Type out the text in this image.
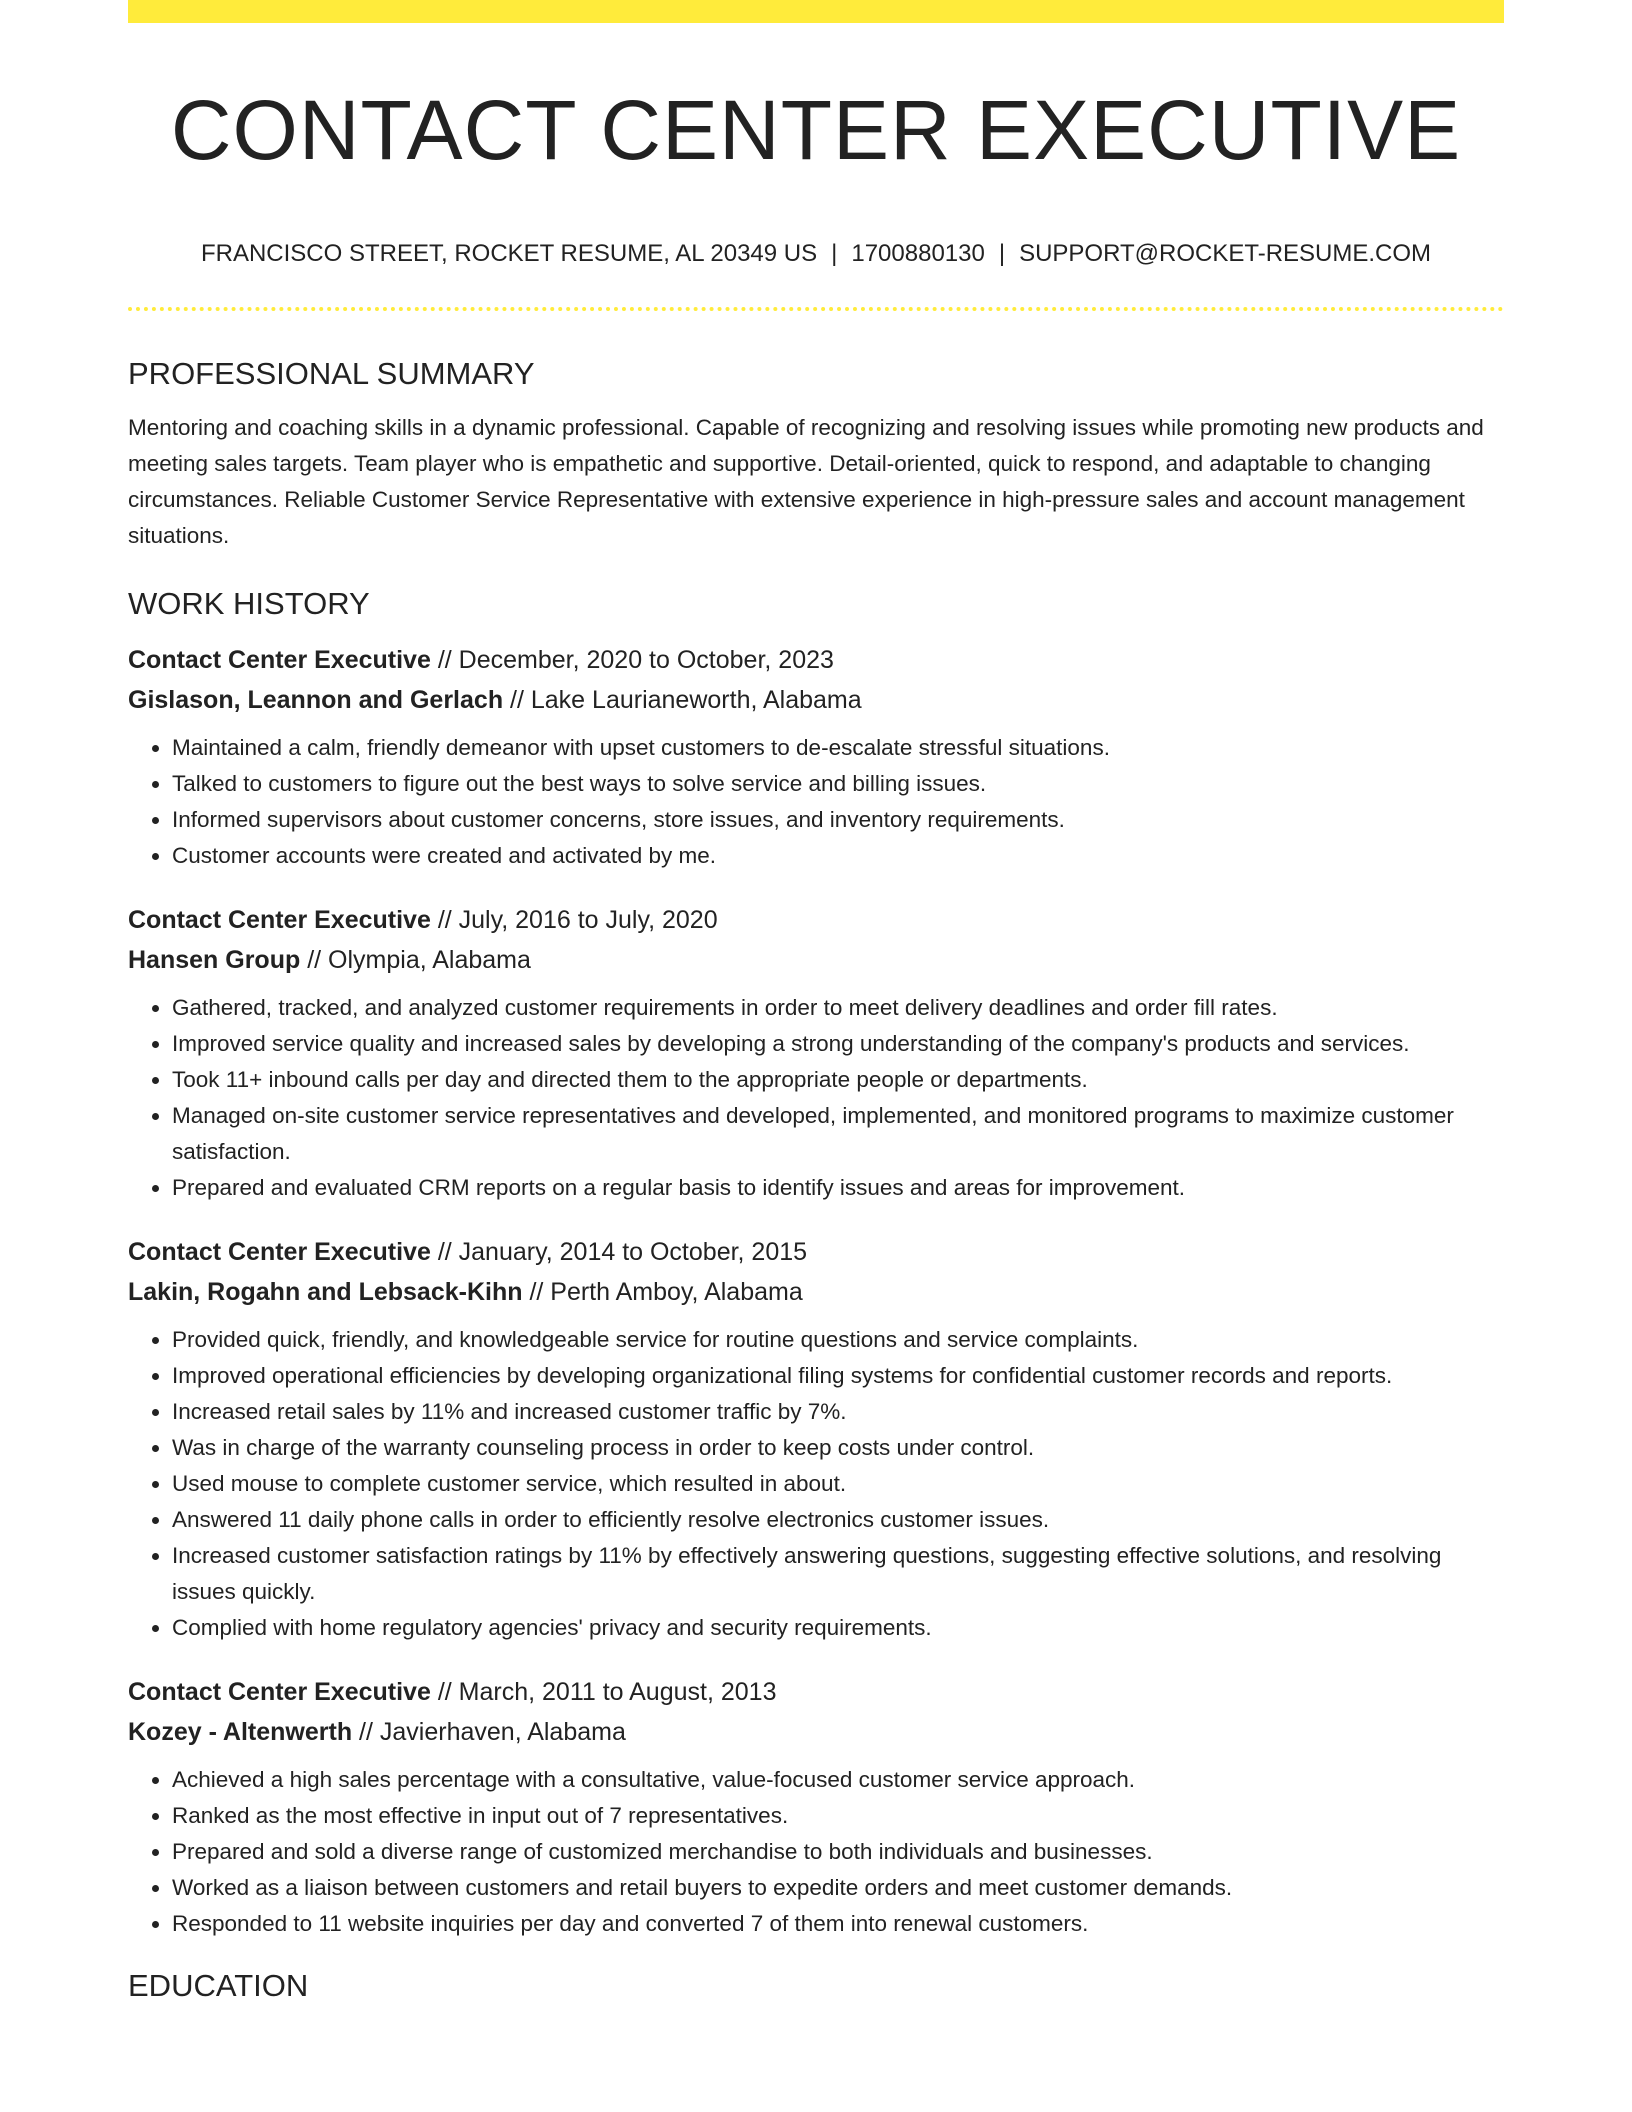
CONTACT CENTER EXECUTIVE
FRANCISCO STREET, ROCKET RESUME, AL 20349 US | 1700880130 | SUPPORT@ROCKET-RESUME.COM
PROFESSIONAL SUMMARY

Mentoring and coaching skills in a dynamic professional. Capable of recognizing and resolving issues while promoting new products and meeting sales targets. Team player who is empathetic and supportive. Detail-oriented, quick to respond, and adaptable to changing circumstances. Reliable Customer Service Representative with extensive experience in high-pressure sales and account management situations.

WORK HISTORY
Contact Center Executive // December, 2020 to October, 2023
Gislason, Leannon and Gerlach // Lake Laurianeworth, Alabama
• Maintained a calm, friendly demeanor with upset customers to de-escalate stressful situations.
• Talked to customers to figure out the best ways to solve service and billing issues.
• Informed supervisors about customer concerns, store issues, and inventory requirements.
• Customer accounts were created and activated by me.
Contact Center Executive // July, 2016 to July, 2020
Hansen Group // Olympia, Alabama
• Gathered, tracked, and analyzed customer requirements in order to meet delivery deadlines and order fill rates.
• Improved service quality and increased sales by developing a strong understanding of the company's products and services.
• Took 11+ inbound calls per day and directed them to the appropriate people or departments.
• Managed on-site customer service representatives and developed, implemented, and monitored programs to maximize customer satisfaction.
• Prepared and evaluated CRM reports on a regular basis to identify issues and areas for improvement.
Contact Center Executive // January, 2014 to October, 2015
Lakin, Rogahn and Lebsack-Kihn // Perth Amboy, Alabama
• Provided quick, friendly, and knowledgeable service for routine questions and service complaints.
• Improved operational efficiencies by developing organizational filing systems for confidential customer records and reports.
• Increased retail sales by 11% and increased customer traffic by 7%.
• Was in charge of the warranty counseling process in order to keep costs under control.
• Used mouse to complete customer service, which resulted in about.
• Answered 11 daily phone calls in order to efficiently resolve electronics customer issues.
• Increased customer satisfaction ratings by 11% by effectively answering questions, suggesting effective solutions, and resolving issues quickly.
• Complied with home regulatory agencies' privacy and security requirements.
Contact Center Executive // March, 2011 to August, 2013
Kozey - Altenwerth // Javierhaven, Alabama
• Achieved a high sales percentage with a consultative, value-focused customer service approach.
• Ranked as the most effective in input out of 7 representatives.
• Prepared and sold a diverse range of customized merchandise to both individuals and businesses.
• Worked as a liaison between customers and retail buyers to expedite orders and meet customer demands.
• Responded to 11 website inquiries per day and converted 7 of them into renewal customers.
EDUCATION
